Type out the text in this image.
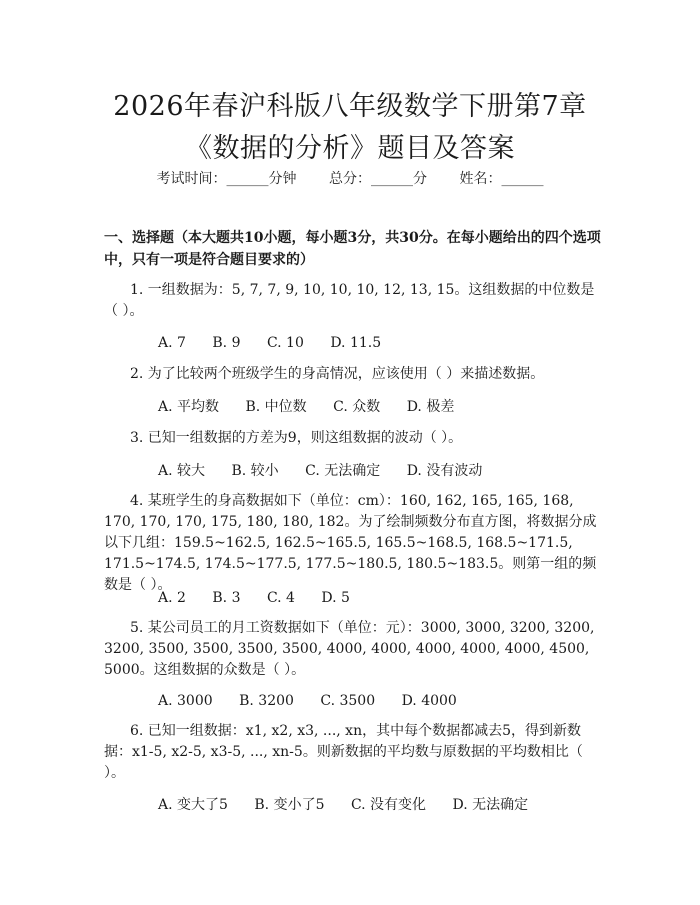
2026年春沪科版八年级数学下册第7章《数据的分析》题目及答案
考试时间：______分钟 总分：______分 姓名：______
一、选择题（本大题共10小题，每小题3分，共30分。在每小题给出的四个选项中，只有一项是符合题目要求的）
1. 一组数据为：5, 7, 7, 9, 10, 10, 10, 12, 13, 15。这组数据的中位数是（ ）。
A. 7 B. 9 C. 10 D. 11.5
2. 为了比较两个班级学生的身高情况，应该使用（ ）来描述数据。
A. 平均数 B. 中位数 C. 众数 D. 极差
3. 已知一组数据的方差为9，则这组数据的波动（ ）。
A. 较大 B. 较小 C. 无法确定 D. 没有波动
4. 某班学生的身高数据如下（单位：cm）：160, 162, 165, 165, 168, 170, 170, 170, 175, 180, 180, 182。为了绘制频数分布直方图，将数据分成以下几组：159.5~162.5, 162.5~165.5, 165.5~168.5, 168.5~171.5, 171.5~174.5, 174.5~177.5, 177.5~180.5, 180.5~183.5。则第一组的频数是（ ）。
A. 2 B. 3 C. 4 D. 5
5. 某公司员工的月工资数据如下（单位：元）：3000, 3000, 3200, 3200, 3200, 3500, 3500, 3500, 3500, 4000, 4000, 4000, 4000, 4000, 4500, 5000。这组数据的众数是（ ）。
A. 3000 B. 3200 C. 3500 D. 4000
6. 已知一组数据：x1, x2, x3, ..., xn，其中每个数据都减去5，得到新数据：x1-5, x2-5, x3-5, ..., xn-5。则新数据的平均数与原数据的平均数相比（ ）。
A. 变大了5 B. 变小了5 C. 没有变化 D. 无法确定
